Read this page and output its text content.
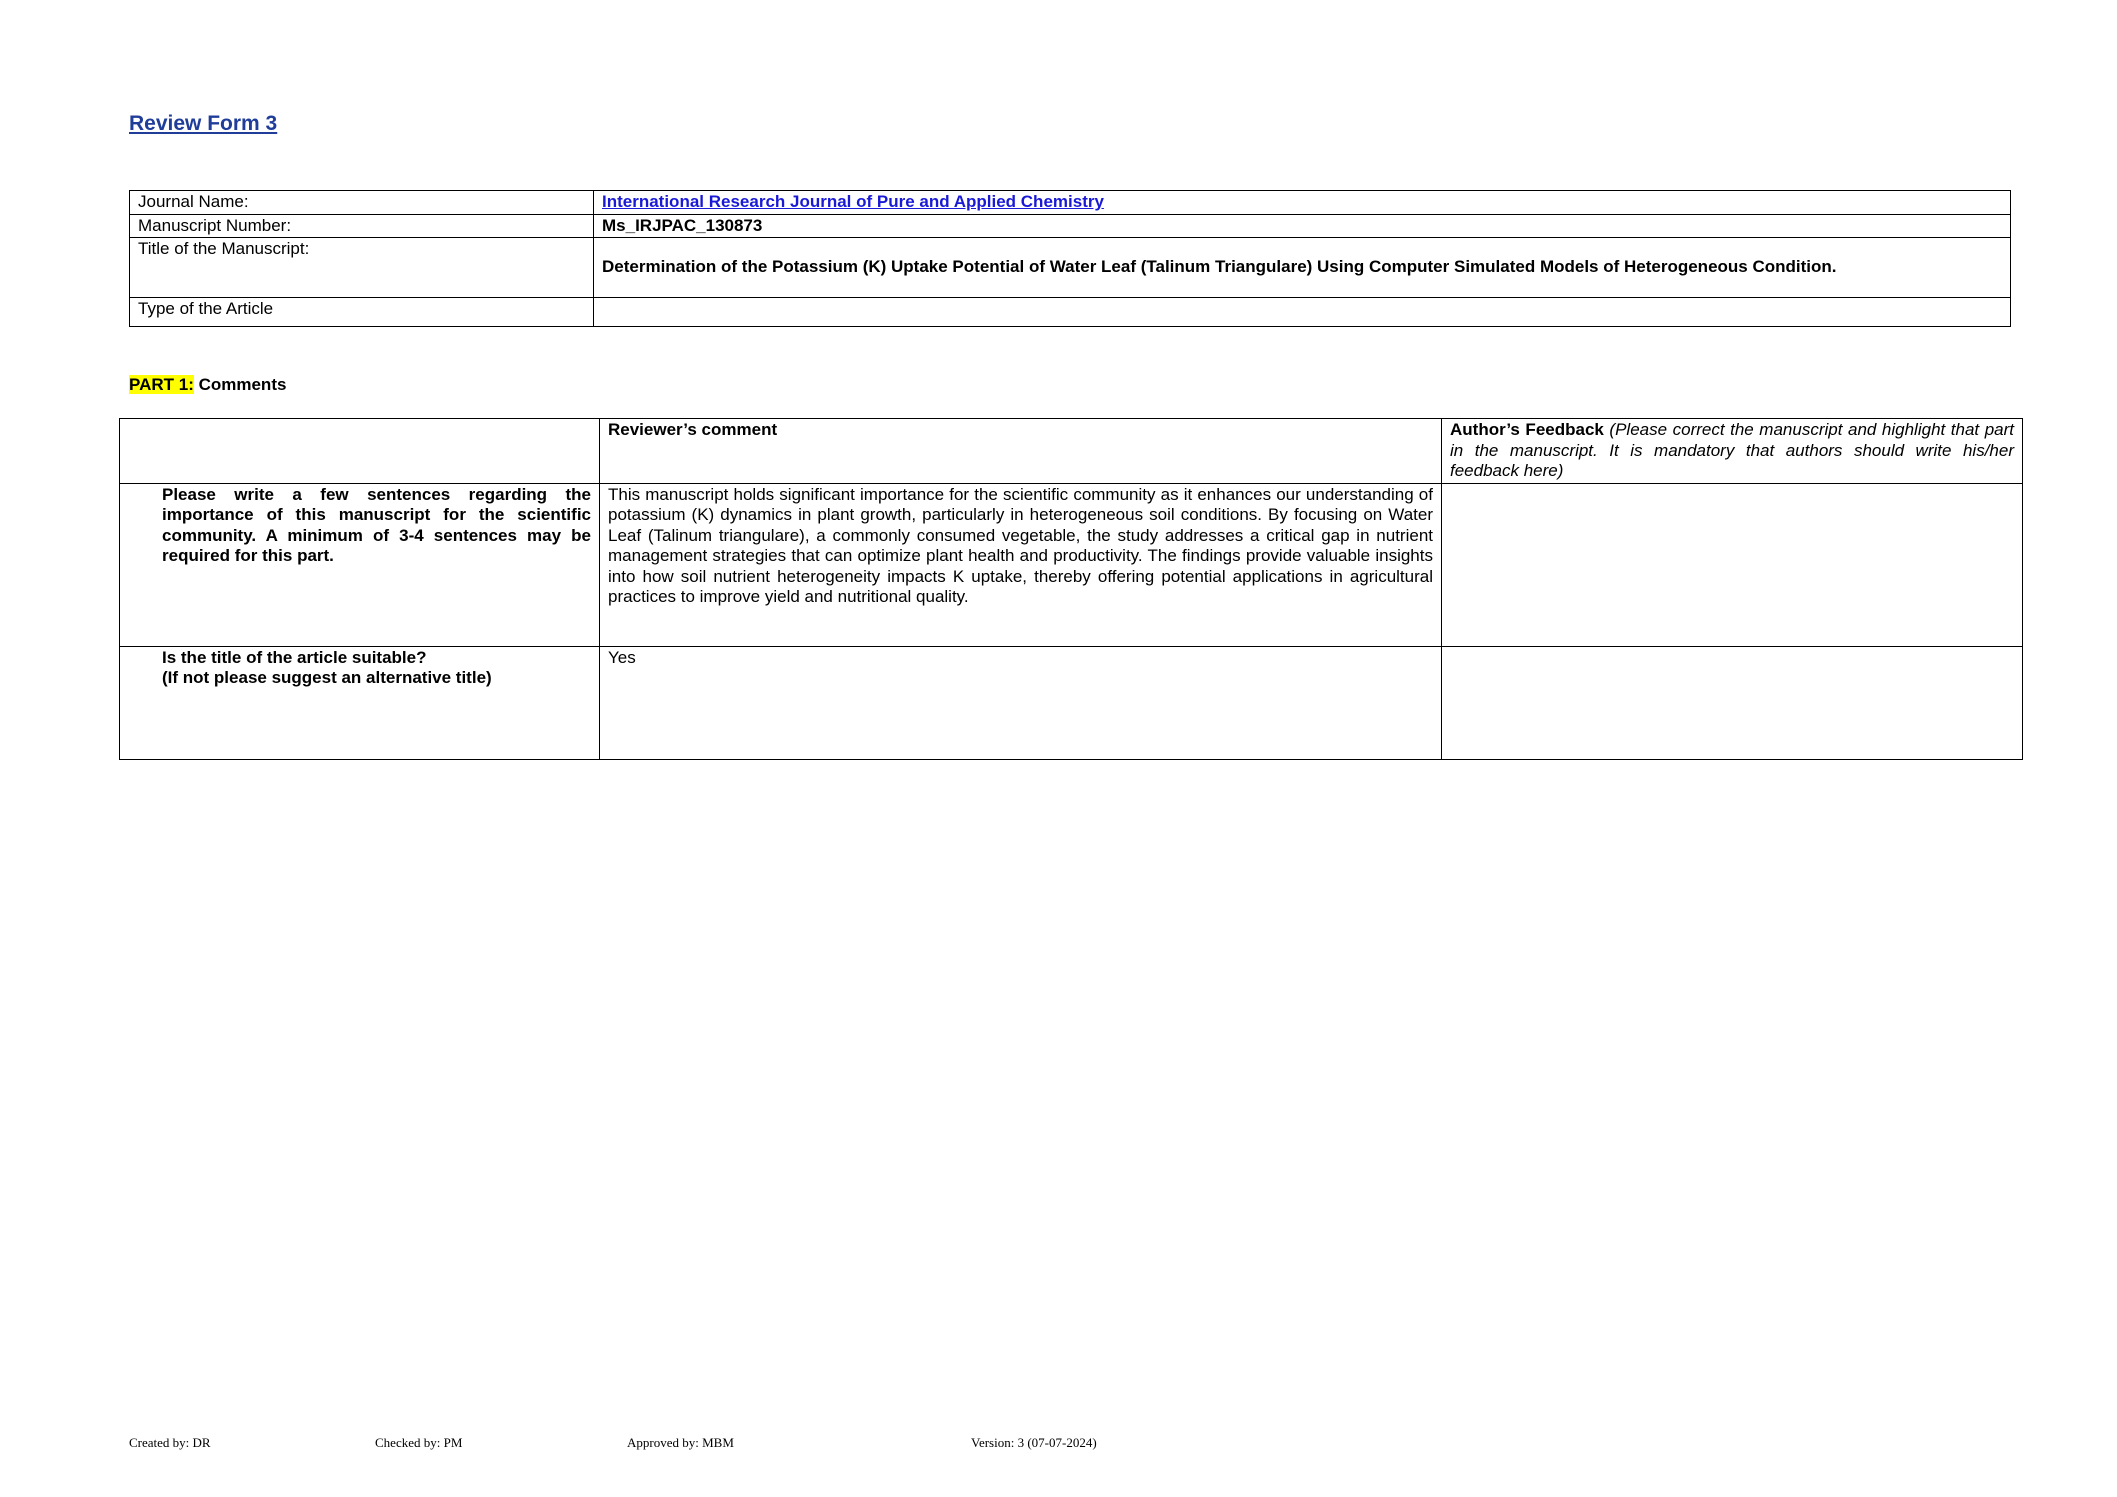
Review Form 3
Journal Name:	International Research Journal of Pure and Applied Chemistry
Manuscript Number:	Ms_IRJPAC_130873
Title of the Manuscript:	Determination of the Potassium (K) Uptake Potential of Water Leaf (Talinum Triangulare) Using Computer Simulated Models of Heterogeneous Condition.
Type of the Article	
PART 1: Comments
	Reviewer’s comment	Author’s Feedback (Please correct the manuscript and highlight that part in the manuscript. It is mandatory that authors should write his/her feedback here)
Please write a few sentences regarding the importance of this manuscript for the scientific community. A minimum of 3-4 sentences may be required for this part.	This manuscript holds significant importance for the scientific community as it enhances our understanding of potassium (K) dynamics in plant growth, particularly in heterogeneous soil conditions. By focusing on Water Leaf (Talinum triangulare), a commonly consumed vegetable, the study addresses a critical gap in nutrient management strategies that can optimize plant health and productivity. The findings provide valuable insights into how soil nutrient heterogeneity impacts K uptake, thereby offering potential applications in agricultural practices to improve yield and nutritional quality.	

Is the title of the article suitable?
(If not please suggest an alternative title)	Yes	
Created by: DR	Checked by: PM	Approved by: MBM	Version: 3 (07-07-2024)
